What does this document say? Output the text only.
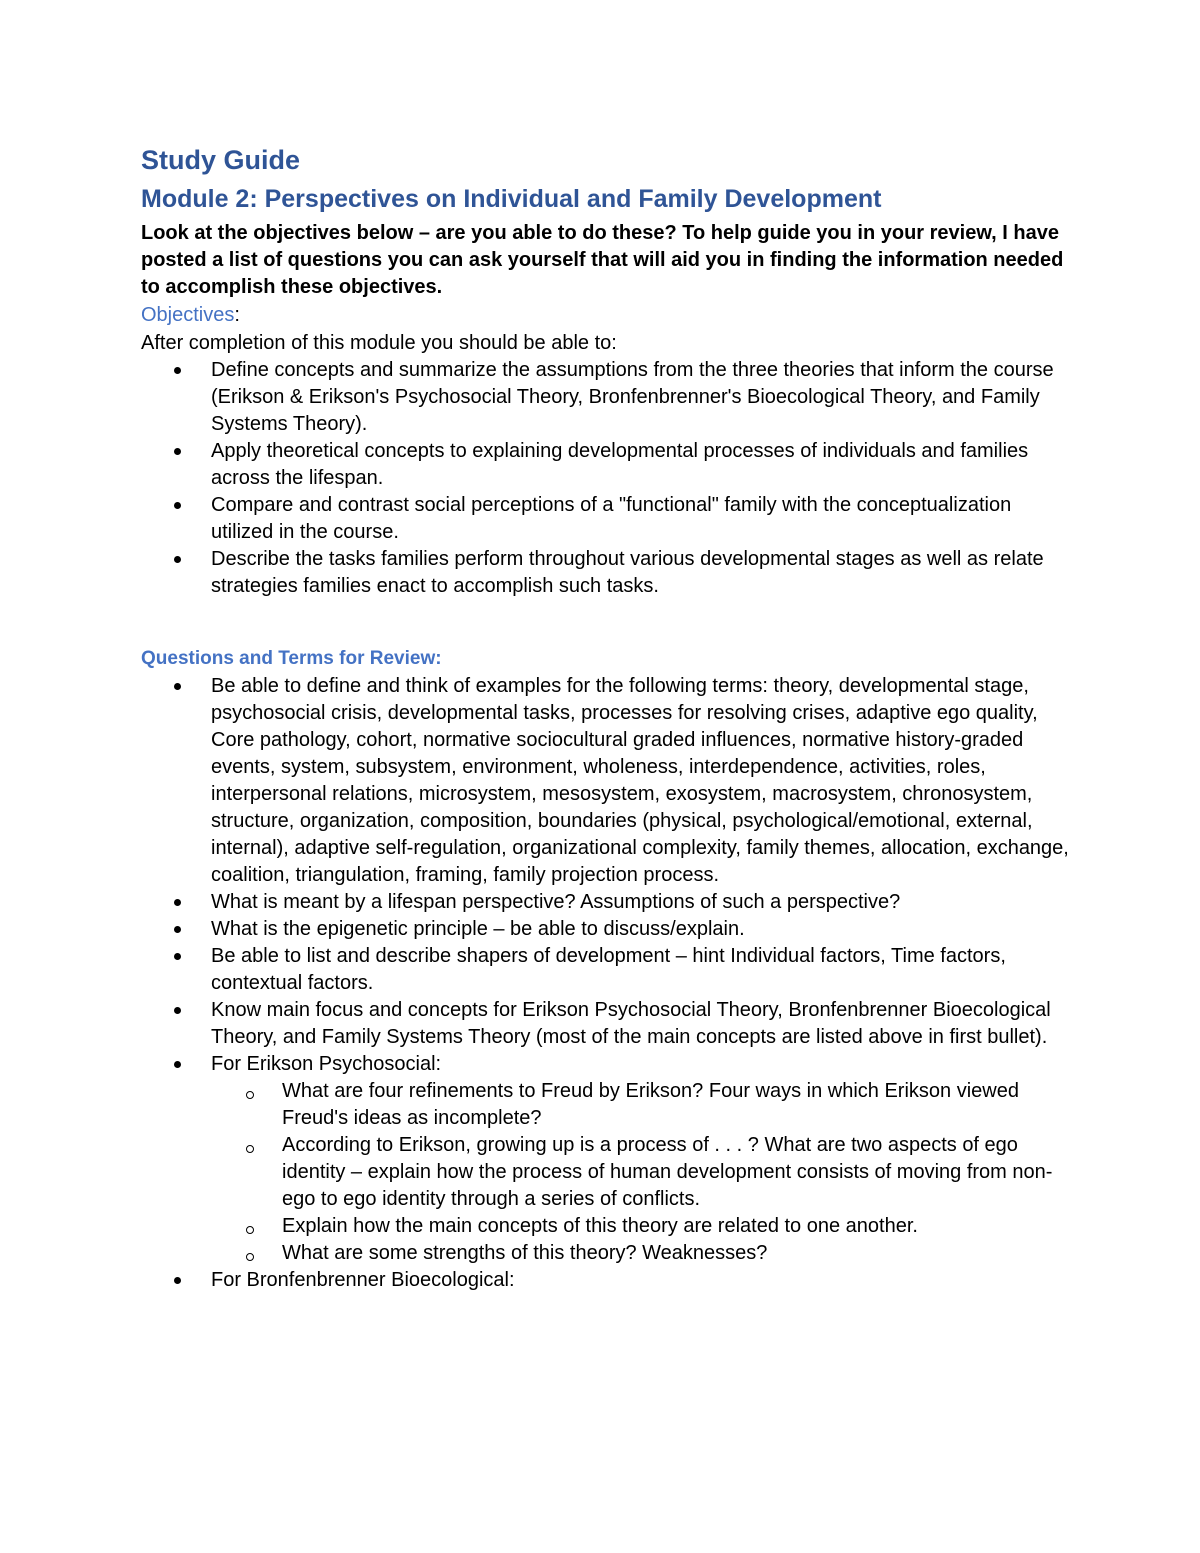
Study Guide
Module 2: Perspectives on Individual and Family Development

Look at the objectives below – are you able to do these? To help guide you in your review, I have posted a list of questions you can ask yourself that will aid you in finding the information needed to accomplish these objectives.

Objectives:

After completion of this module you should be able to:

Define concepts and summarize the assumptions from the three theories that inform the course (Erikson & Erikson's Psychosocial Theory, Bronfenbrenner's Bioecological Theory, and Family Systems Theory).
Apply theoretical concepts to explaining developmental processes of individuals and families across the lifespan.
Compare and contrast social perceptions of a "functional" family with the conceptualization utilized in the course.
Describe the tasks families perform throughout various developmental stages as well as relate strategies families enact to accomplish such tasks.

Questions and Terms for Review:

Be able to define and think of examples for the following terms: theory, developmental stage, psychosocial crisis, developmental tasks, processes for resolving crises, adaptive ego quality, Core pathology, cohort, normative sociocultural graded influences, normative history-graded events, system, subsystem, environment, wholeness, interdependence, activities, roles, interpersonal relations, microsystem, mesosystem, exosystem, macrosystem, chronosystem, structure, organization, composition, boundaries (physical, psychological/emotional, external, internal), adaptive self-regulation, organizational complexity, family themes, allocation, exchange, coalition, triangulation, framing, family projection process.
What is meant by a lifespan perspective? Assumptions of such a perspective?
What is the epigenetic principle – be able to discuss/explain.
Be able to list and describe shapers of development – hint Individual factors, Time factors, contextual factors.
Know main focus and concepts for Erikson Psychosocial Theory, Bronfenbrenner Bioecological Theory, and Family Systems Theory (most of the main concepts are listed above in first bullet).
For Erikson Psychosocial:
What are four refinements to Freud by Erikson? Four ways in which Erikson viewed Freud's ideas as incomplete?
According to Erikson, growing up is a process of . . . ? What are two aspects of ego identity – explain how the process of human development consists of moving from non-ego to ego identity through a series of conflicts.
Explain how the main concepts of this theory are related to one another.
What are some strengths of this theory? Weaknesses?
For Bronfenbrenner Bioecological:
